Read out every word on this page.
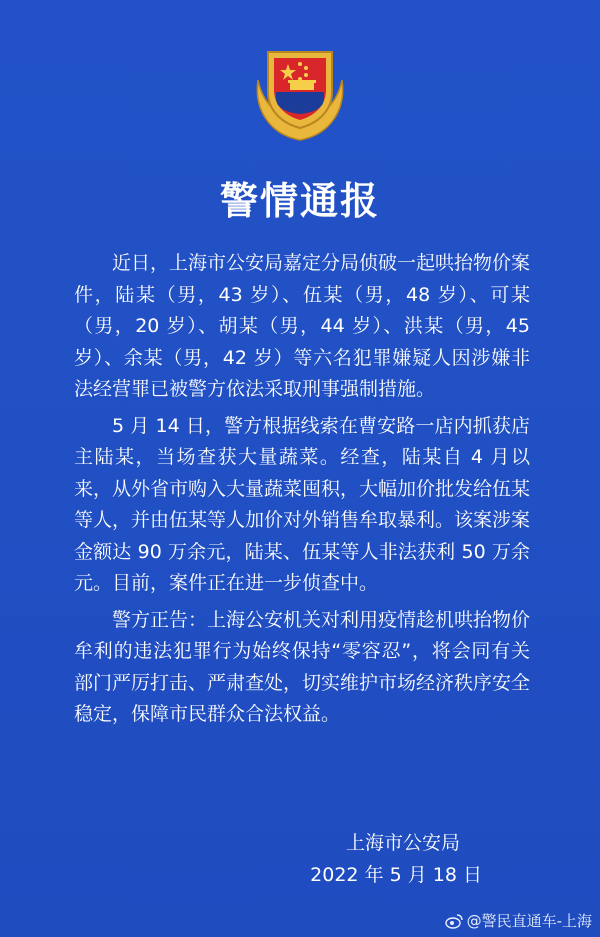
警情通报

近日，上海市公安局嘉定分局侦破一起哄抬物价案件，陆某（男，43 岁）、伍某（男，48 岁）、可某（男，20 岁）、胡某（男，44 岁）、洪某（男，45 岁）、余某（男，42 岁）等六名犯罪嫌疑人因涉嫌非法经营罪已被警方依法采取刑事强制措施。

5 月 14 日，警方根据线索在曹安路一店内抓获店主陆某，当场查获大量蔬菜。经查，陆某自 4 月以来，从外省市购入大量蔬菜囤积，大幅加价批发给伍某等人，并由伍某等人加价对外销售牟取暴利。该案涉案金额达 90 万余元，陆某、伍某等人非法获利 50 万余元。目前，案件正在进一步侦查中。

警方正告：上海公安机关对利用疫情趁机哄抬物价牟利的违法犯罪行为始终保持“零容忍”，将会同有关部门严厉打击、严肃查处，切实维护市场经济秩序安全稳定，保障市民群众合法权益。

上海市公安局
2022 年 5 月 18 日
@警民直通车-上海
